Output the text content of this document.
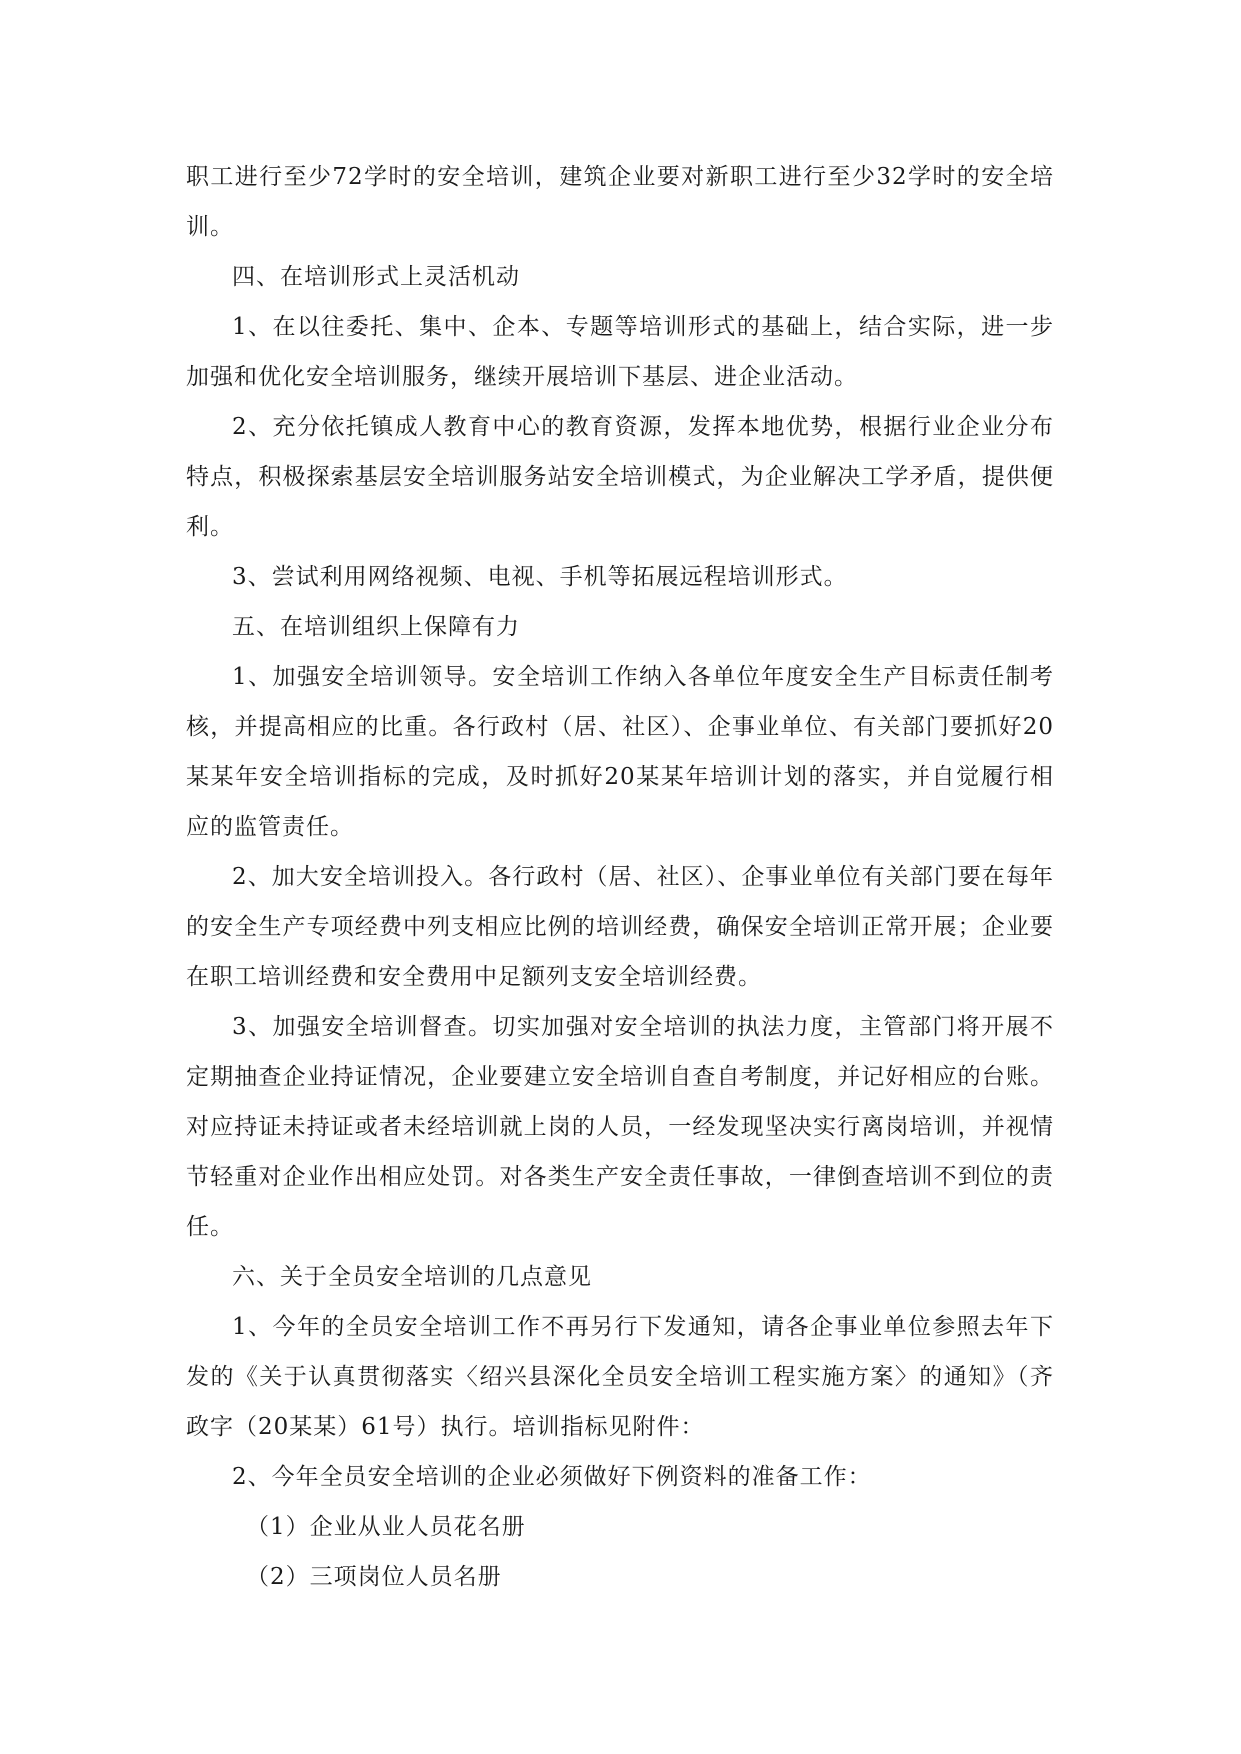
职工进行至少72学时的安全培训，建筑企业要对新职工进行至少32学时的安全培训。

四、在培训形式上灵活机动

1、在以往委托、集中、企本、专题等培训形式的基础上，结合实际，进一步加强和优化安全培训服务，继续开展培训下基层、进企业活动。

2、充分依托镇成人教育中心的教育资源，发挥本地优势，根据行业企业分布特点，积极探索基层安全培训服务站安全培训模式，为企业解决工学矛盾，提供便利。

3、尝试利用网络视频、电视、手机等拓展远程培训形式。

五、在培训组织上保障有力

1、加强安全培训领导。安全培训工作纳入各单位年度安全生产目标责任制考核，并提高相应的比重。各行政村（居、社区）、企事业单位、有关部门要抓好20某某年安全培训指标的完成，及时抓好20某某年培训计划的落实，并自觉履行相应的监管责任。

2、加大安全培训投入。各行政村（居、社区）、企事业单位有关部门要在每年的安全生产专项经费中列支相应比例的培训经费，确保安全培训正常开展；企业要在职工培训经费和安全费用中足额列支安全培训经费。

3、加强安全培训督查。切实加强对安全培训的执法力度，主管部门将开展不定期抽查企业持证情况，企业要建立安全培训自查自考制度，并记好相应的台账。对应持证未持证或者未经培训就上岗的人员，一经发现坚决实行离岗培训，并视情节轻重对企业作出相应处罚。对各类生产安全责任事故，一律倒查培训不到位的责任。

六、关于全员安全培训的几点意见

1、今年的全员安全培训工作不再另行下发通知，请各企事业单位参照去年下发的《关于认真贯彻落实〈绍兴县深化全员安全培训工程实施方案〉的通知》（齐政字（20某某）61号）执行。培训指标见附件：

2、今年全员安全培训的企业必须做好下例资料的准备工作：

（1）企业从业人员花名册

（2）三项岗位人员名册
